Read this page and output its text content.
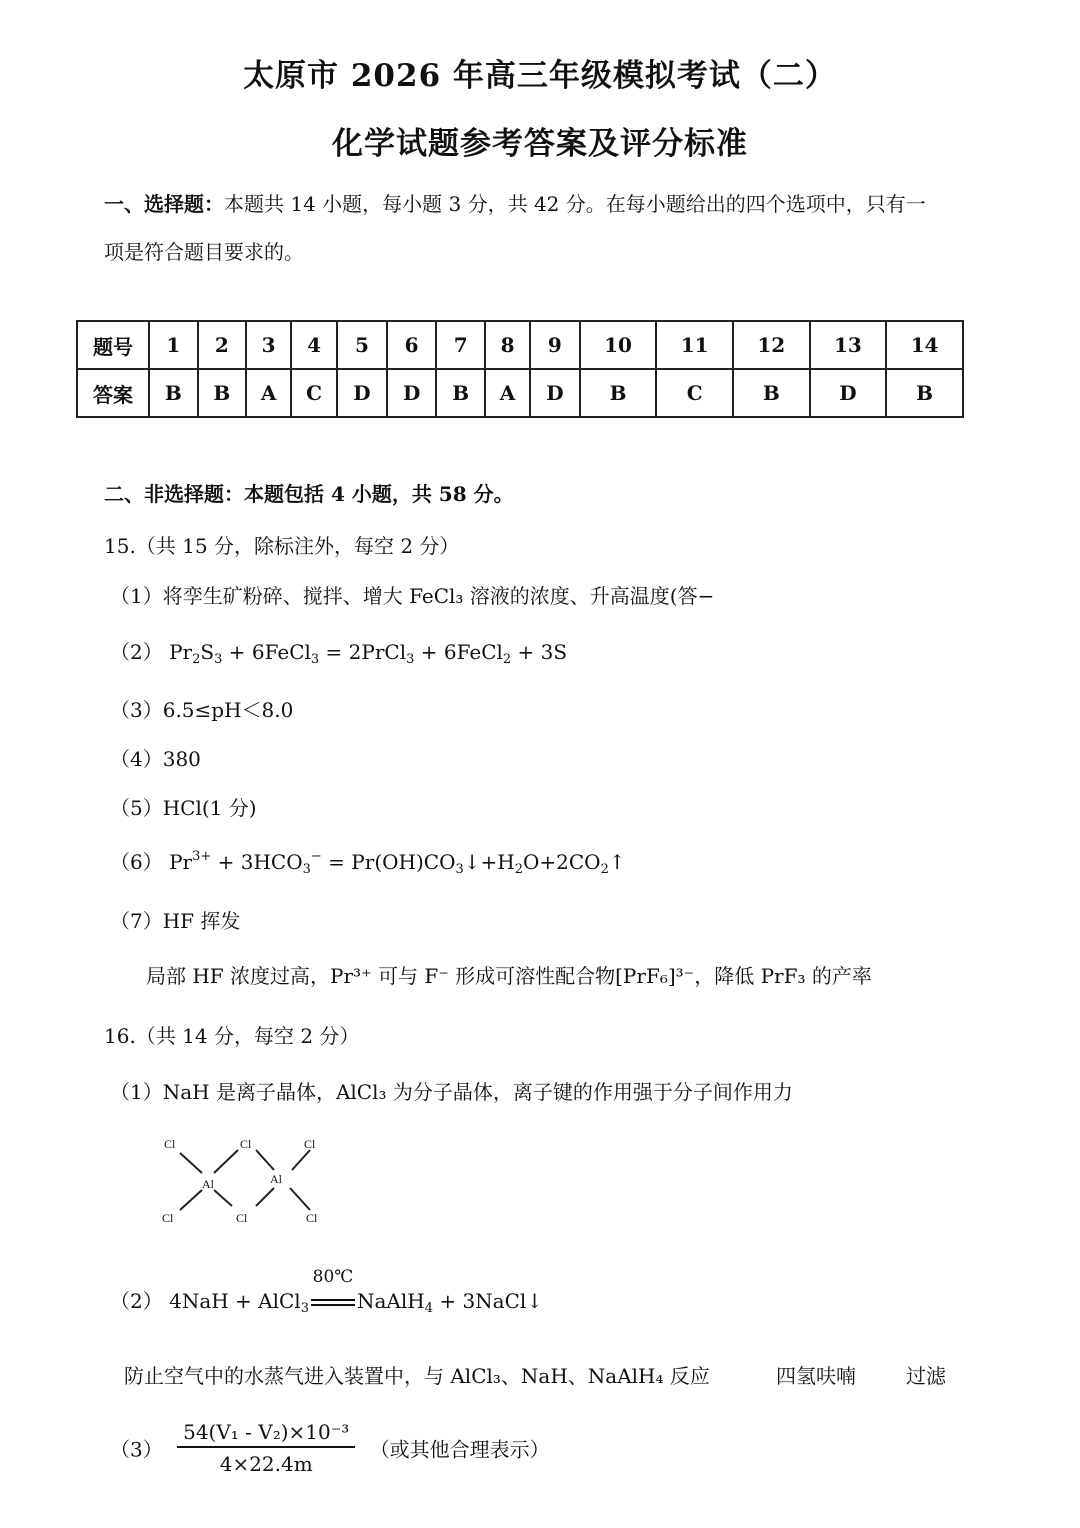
太原市 2026 年高三年级模拟考试（二）
化学试题参考答案及评分标准
一、选择题：本题共 14 小题，每小题 3 分，共 42 分。在每小题给出的四个选项中，只有一
项是符合题目要求的。
题号	1	2	3	4	5	6	7	8	9	10	11	12	13	14
答案	B	B	A	C	D	D	B	A	D	B	C	B	D	B
二、非选择题：本题包括 4 小题，共 58 分。
15.（共 15 分，除标注外，每空 2 分）
（1）将孪生矿粉碎、搅拌、增大 FeCl₃ 溶液的浓度、升高温度(答−
（2） $Pr_2S_3$ + 6FeCl$_3$ = 2PrCl$_3$ + 6FeCl$_2$ + 3S
（3）6.5≤pH＜8.0
（4）380
（5）HCl(1 分)
（6） $Pr^{3+} + 3HCO_3^-$ = $Pr(OH)CO_3↓+H_2O+2CO_2↑$
（7）HF 挥发
局部 HF 浓度过高，Pr³⁺ 可与 F⁻ 形成可溶性配合物[PrF₆]³⁻，降低 PrF₃ 的产率
16.（共 14 分，每空 2 分）
（1）NaH 是离子晶体，AlCl₃ 为分子晶体，离子键的作用强于分子间作用力
Cl	Cl	Cl
Al	Al
Cl	Cl	Cl
（2） 4NaH + AlCl$_3$
80℃
NaAlH$_4$ + 3NaCl↓
防止空气中的水蒸气进入装置中，与 AlCl₃、NaH、NaAlH₄ 反应	四氢呋喃	过滤
$(3) \frac{\text{54(V₁ - V₂)×10⁻³}}{4\times 22.4m}$ （或其他合理表示）
